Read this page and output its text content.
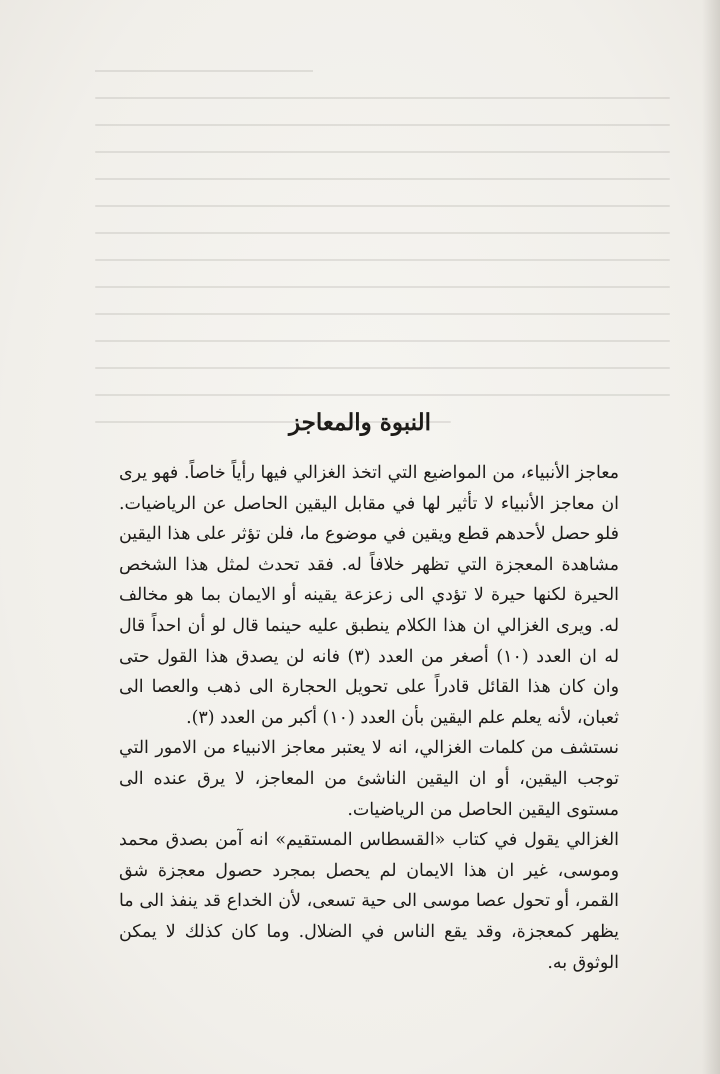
النبوة والمعاجز

معاجز الأنبياء، من المواضيع التي اتخذ الغزالي فيها رأياً خاصاً. فهو يرى ان معاجز الأنبياء لا تأثير لها في مقابل اليقين الحاصل عن الرياضيات. فلو حصل لأحدهم قطع ويقين في موضوع ما، فلن تؤثر على هذا اليقين مشاهدة المعجزة التي تظهر خلافاً له. فقد تحدث لمثل هذا الشخص الحيرة لكنها حيرة لا تؤدي الى زعزعة يقينه أو الايمان بما هو مخالف له. ويرى الغزالي ان هذا الكلام ينطبق عليه حينما قال لو أن احداً قال له ان العدد (١٠) أصغر من العدد (٣) فانه لن يصدق هذا القول حتى وان كان هذا القائل قادراً على تحويل الحجارة الى ذهب والعصا الى ثعبان، لأنه يعلم علم اليقين بأن العدد (١٠) أكبر من العدد (٣).

نستشف من كلمات الغزالي، انه لا يعتبر معاجز الانبياء من الامور التي توجب اليقين، أو ان اليقين الناشئ من المعاجز، لا يرق عنده الى مستوى اليقين الحاصل من الرياضيات.

الغزالي يقول في كتاب «القسطاس المستقيم» انه آمن بصدق محمد وموسى، غير ان هذا الايمان لم يحصل بمجرد حصول معجزة شق القمر، أو تحول عصا موسى الى حية تسعى، لأن الخداع قد ينفذ الى ما يظهر كمعجزة، وقد يقع الناس في الضلال. وما كان كذلك لا يمكن الوثوق به.
